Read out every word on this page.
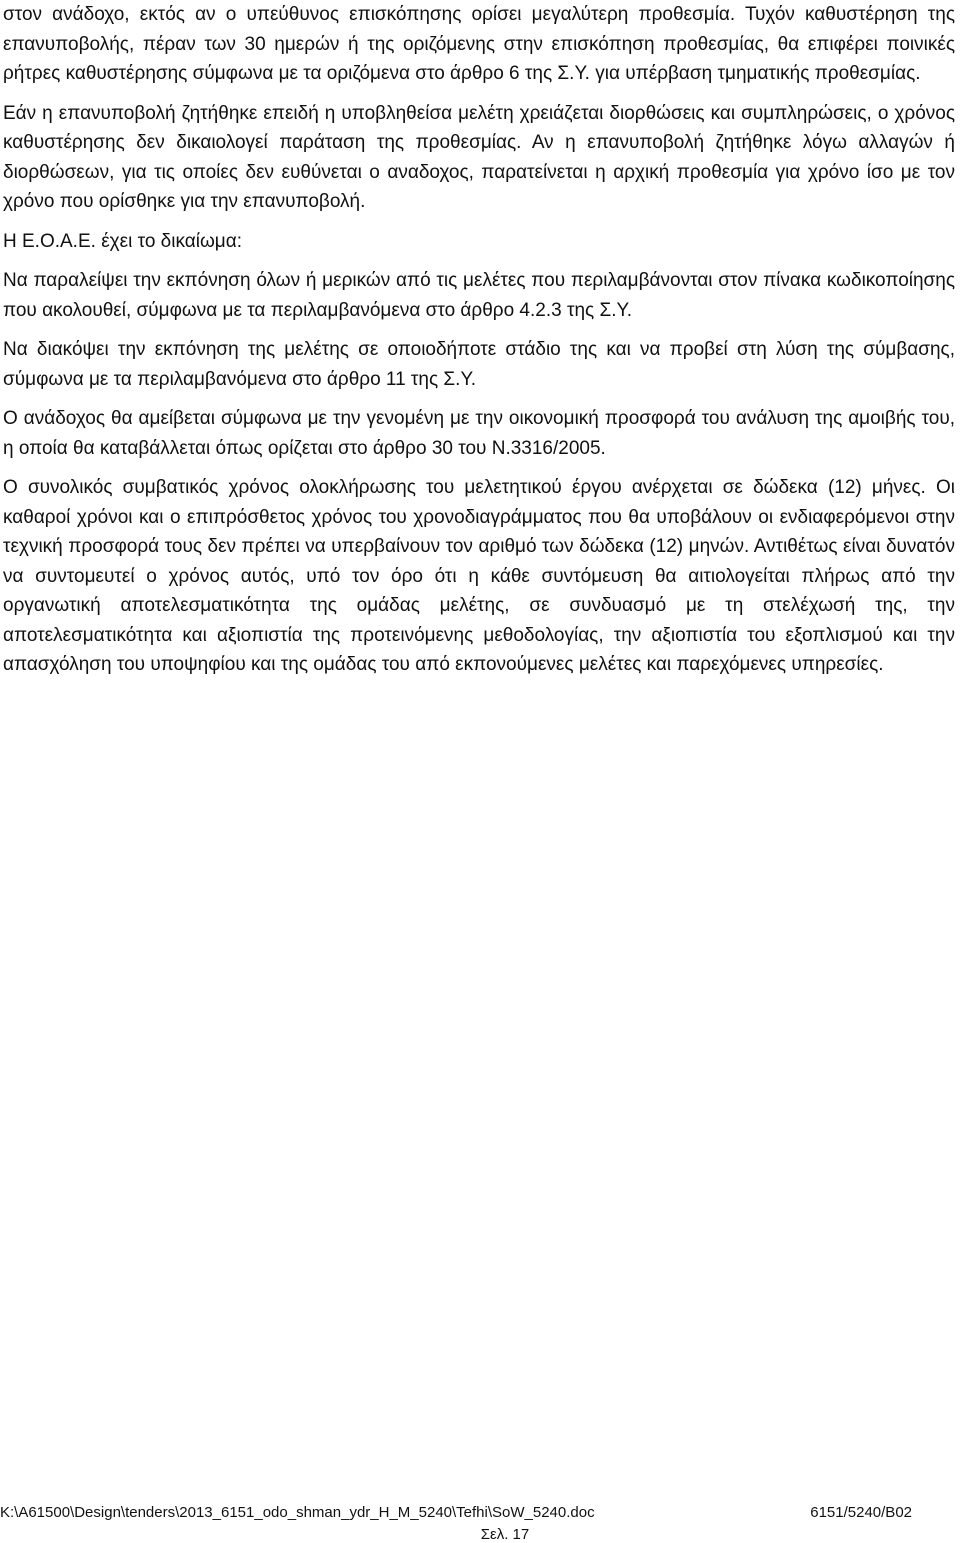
στον ανάδοχο, εκτός αν ο υπεύθυνος επισκόπησης ορίσει μεγαλύτερη προθεσμία. Τυχόν καθυστέρηση της επανυποβολής, πέραν των 30 ημερών ή της οριζόμενης στην επισκόπηση προθεσμίας, θα επιφέρει ποινικές ρήτρες καθυστέρησης σύμφωνα με τα οριζόμενα στο άρθρο 6 της Σ.Υ. για υπέρβαση τμηματικής προθεσμίας.

Εάν η επανυποβολή ζητήθηκε επειδή η υποβληθείσα μελέτη χρειάζεται διορθώσεις και συμπληρώσεις, ο χρόνος καθυστέρησης δεν δικαιολογεί παράταση της προθεσμίας. Αν η επανυποβολή ζητήθηκε λόγω αλλαγών ή διορθώσεων, για τις οποίες δεν ευθύνεται ο αναδοχος, παρατείνεται η αρχική προθεσμία για χρόνο ίσο με τον χρόνο που ορίσθηκε για την επανυποβολή.

Η Ε.Ο.Α.Ε. έχει το δικαίωμα:

Να παραλείψει την εκπόνηση όλων ή μερικών από τις μελέτες που περιλαμβάνονται στον πίνακα κωδικοποίησης που ακολουθεί, σύμφωνα με τα περιλαμβανόμενα στο άρθρο 4.2.3 της Σ.Υ.

Να διακόψει την εκπόνηση της μελέτης σε οποιοδήποτε στάδιο της και να προβεί στη λύση της σύμβασης, σύμφωνα με τα περιλαμβανόμενα στο άρθρο 11 της Σ.Υ.

Ο ανάδοχος θα αμείβεται σύμφωνα με την γενομένη με την οικονομική προσφορά του ανάλυση της αμοιβής του, η οποία θα καταβάλλεται όπως ορίζεται στο άρθρο 30 του Ν.3316/2005.

Ο συνολικός συμβατικός χρόνος ολοκλήρωσης του μελετητικού έργου ανέρχεται σε δώδεκα (12) μήνες. Οι καθαροί χρόνοι και ο επιπρόσθετος χρόνος του χρονοδιαγράμματος που θα υποβάλουν οι ενδιαφερόμενοι στην τεχνική προσφορά τους δεν πρέπει να υπερβαίνουν τον αριθμό των δώδεκα (12) μηνών. Αντιθέτως είναι δυνατόν να συντομευτεί ο χρόνος αυτός, υπό τον όρο ότι η κάθε συντόμευση θα αιτιολογείται πλήρως από την οργανωτική αποτελεσματικότητα της ομάδας μελέτης, σε συνδυασμό με τη στελέχωσή της, την αποτελεσματικότητα και αξιοπιστία της προτεινόμενης μεθοδολογίας, την αξιοπιστία του εξοπλισμού και την απασχόληση του υποψηφίου και της ομάδας του από εκπονούμενες μελέτες και παρεχόμενες υπηρεσίες.

K:\A61500\Design\tenders\2013_6151_odo_shman_ydr_H_M_5240\Tefhi\SoW_5240.doc	6151/5240/B02
Σελ. 17
